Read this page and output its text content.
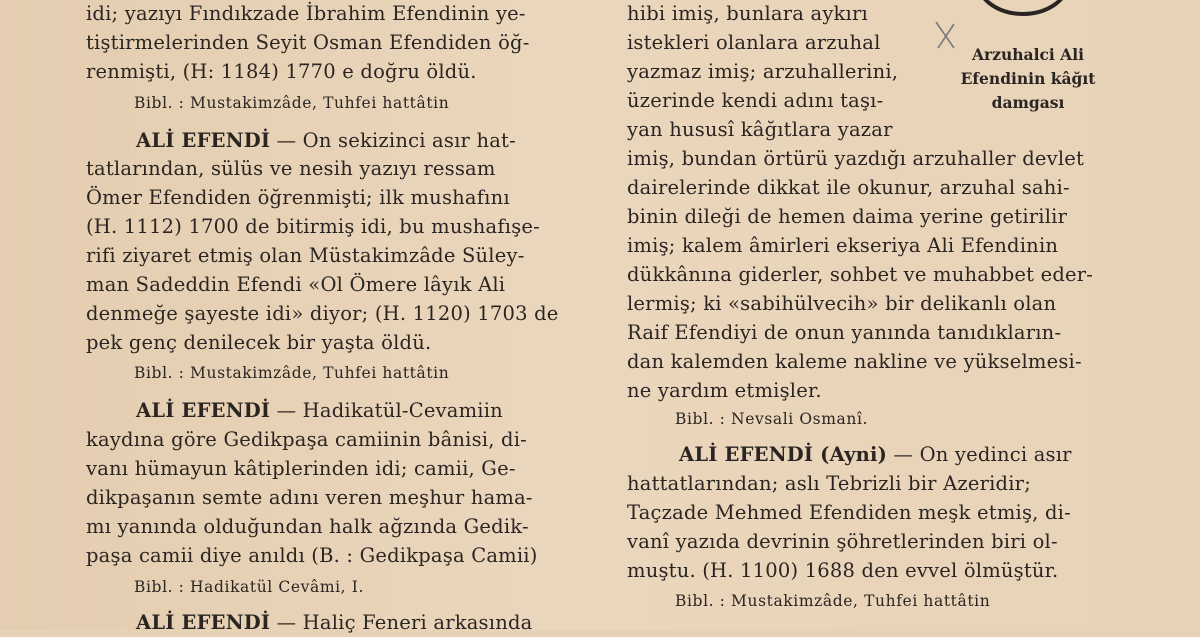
idi; yazıyı Fındıkzade İbrahim Efendinin ye-
tiştirmelerinden Seyit Osman Efendiden öğ-
renmişti, (H: 1184) 1770 e doğru öldü.
Bibl. : Mustakimzâde, Tuhfei hattâtin
ALİ EFENDİ — On sekizinci asır hat-
tatlarından, sülüs ve nesih yazıyı ressam
Ömer Efendiden öğrenmişti; ilk mushafını
(H. 1112) 1700 de bitirmiş idi, bu mushafışe-
rifi ziyaret etmiş olan Müstakimzâde Süley-
man Sadeddin Efendi «Ol Ömere lâyık Ali
denmeğe şayeste idi» diyor; (H. 1120) 1703 de
pek genç denilecek bir yaşta öldü.
Bibl. : Mustakimzâde, Tuhfei hattâtin
ALİ EFENDİ — Hadikatül-Cevamiin
kaydına göre Gedikpaşa camiinin bânisi, di-
vanı hümayun kâtiplerinden idi; camii, Ge-
dikpaşanın semte adını veren meşhur hama-
mı yanında olduğundan halk ağzında Gedik-
paşa camii diye anıldı (B. : Gedikpaşa Camii)
Bibl. : Hadikatül Cevâmi, I.
ALİ EFENDİ — Haliç Feneri arkasında
hibi imiş, bunlara aykırı
istekleri olanlara arzuhal
yazmaz imiş; arzuhallerini,
üzerinde kendi adını taşı-
yan hususî kâğıtlara yazar
imiş, bundan örtürü yazdığı arzuhaller devlet
dairelerinde dikkat ile okunur, arzuhal sahi-
binin dileği de hemen daima yerine getirilir
imiş; kalem âmirleri ekseriya Ali Efendinin
dükkânına giderler, sohbet ve muhabbet eder-
lermiş; ki «sabihülvecih» bir delikanlı olan
Raif Efendiyi de onun yanında tanıdıkların-
dan kalemden kaleme nakline ve yükselmesi-
ne yardım etmişler.
Bibl. : Nevsali Osmanî.
ALİ EFENDİ (Ayni) — On yedinci asır
hattatlarından; aslı Tebrizli bir Azeridir;
Taçzade Mehmed Efendiden meşk etmiş, di-
vanî yazıda devrinin şöhretlerinden biri ol-
muştu. (H. 1100) 1688 den evvel ölmüştür.
Bibl. : Mustakimzâde, Tuhfei hattâtin
Arzuhalci Ali
Efendinin kâğıt
damgası
